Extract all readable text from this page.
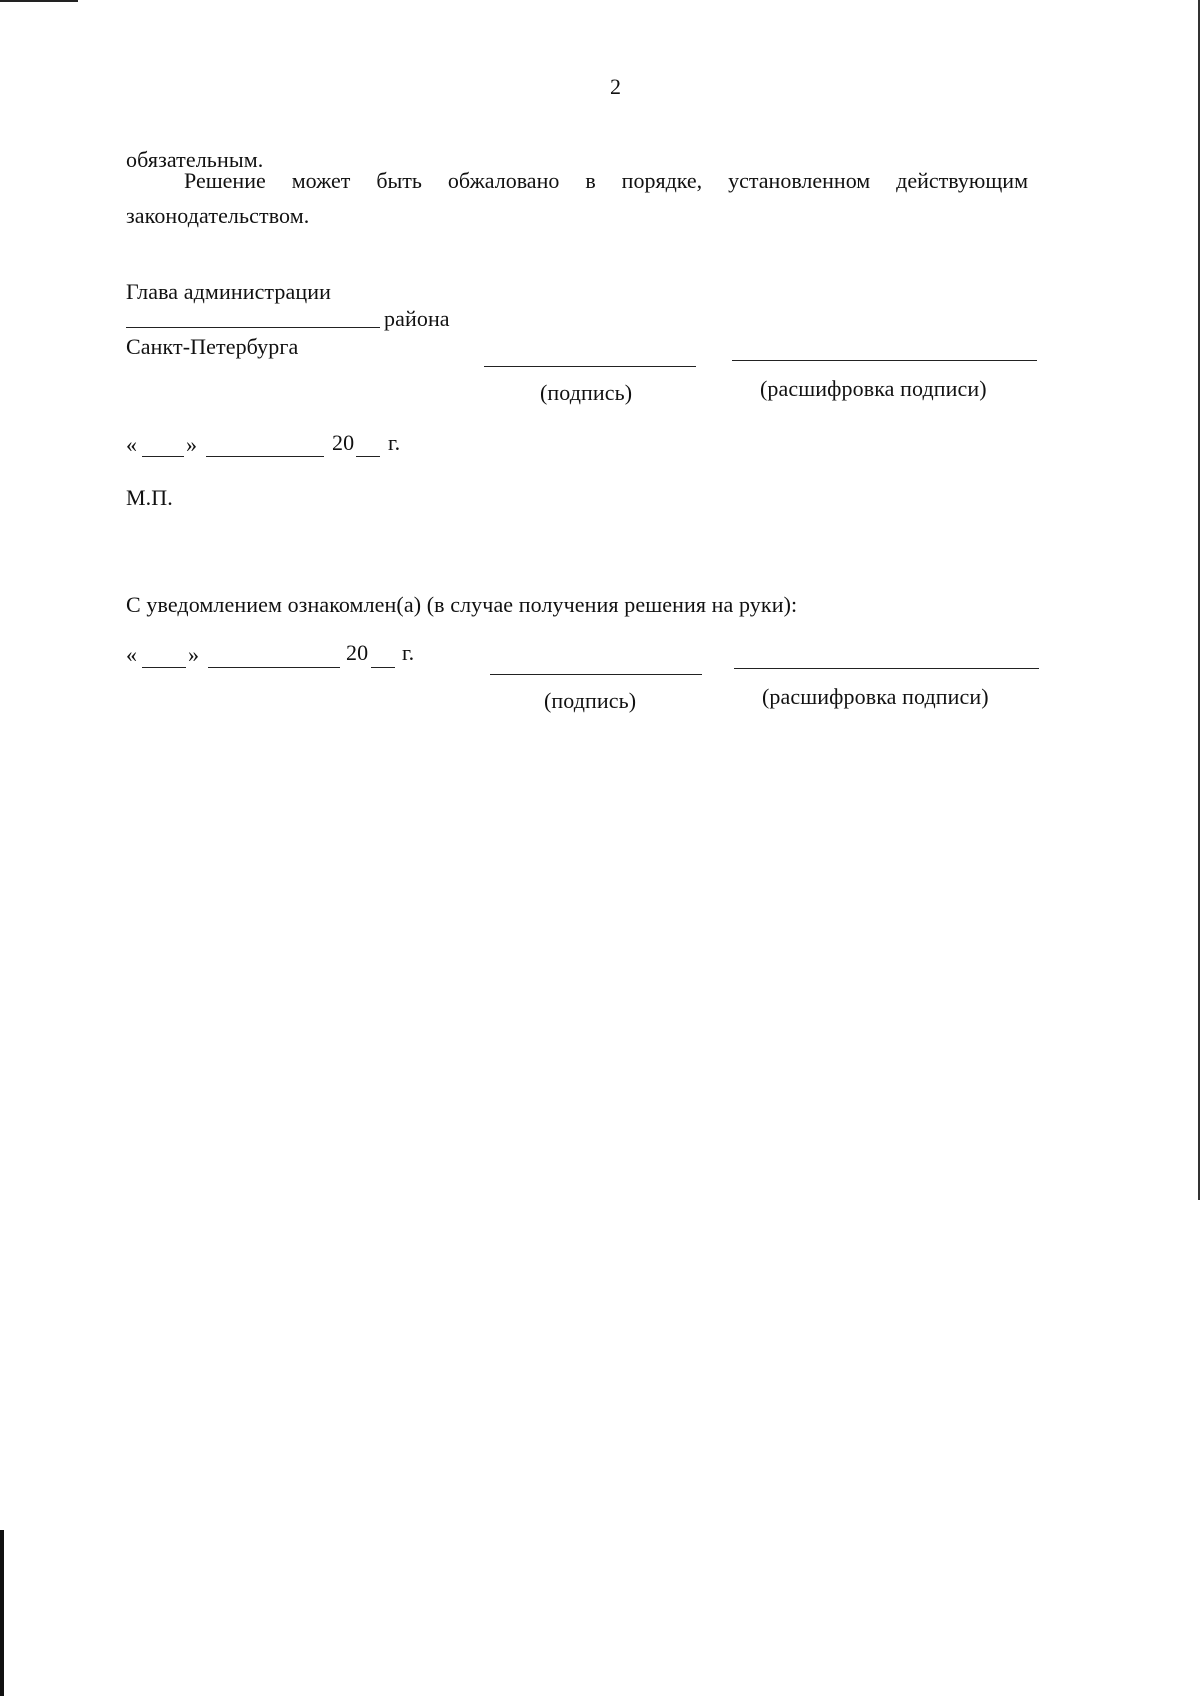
2
обязательным.
Решение может быть обжаловано в порядке, установленном действующим
законодательством.
Глава администрации
района
Санкт-Петербурга
(подпись)	(расшифровка подписи)
« »	20 г.
М.П.
С уведомлением ознакомлен(а) (в случае получения решения на руки):
« »	20 г.
(подпись)	(расшифровка подписи)
